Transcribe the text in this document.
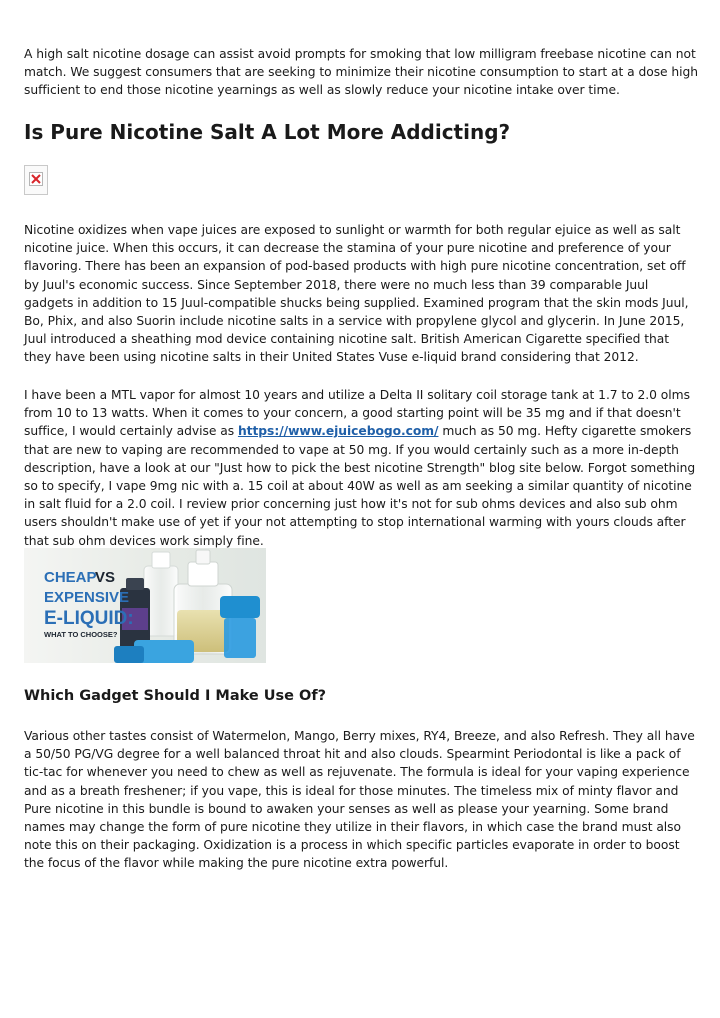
A high salt nicotine dosage can assist avoid prompts for smoking that low milligram freebase nicotine can not match. We suggest consumers that are seeking to minimize their nicotine consumption to start at a dose high sufficient to end those nicotine yearnings as well as slowly reduce your nicotine intake over time.

Is Pure Nicotine Salt A Lot More Addicting?

Nicotine oxidizes when vape juices are exposed to sunlight or warmth for both regular ejuice as well as salt nicotine juice. When this occurs, it can decrease the stamina of your pure nicotine and preference of your flavoring. There has been an expansion of pod-based products with high pure nicotine concentration, set off by Juul's economic success. Since September 2018, there were no much less than 39 comparable Juul gadgets in addition to 15 Juul-compatible shucks being supplied. Examined program that the skin mods Juul, Bo, Phix, and also Suorin include nicotine salts in a service with propylene glycol and glycerin. In June 2015, Juul introduced a sheathing mod device containing nicotine salt. British American Cigarette specified that they have been using nicotine salts in their United States Vuse e-liquid brand considering that 2012.

I have been a MTL vapor for almost 10 years and utilize a Delta II solitary coil storage tank at 1.7 to 2.0 olms from 10 to 13 watts. When it comes to your concern, a good starting point will be 35 mg and if that doesn't suffice, I would certainly advise as https://www.ejuicebogo.com/ much as 50 mg. Hefty cigarette smokers that are new to vaping are recommended to vape at 50 mg. If you would certainly such as a more in-depth description, have a look at our "Just how to pick the best nicotine Strength" blog site below. Forgot something so to specify, I vape 9mg nic with a. 15 coil at about 40W as well as am seeking a similar quantity of nicotine in salt fluid for a 2.0 coil. I review prior concerning just how it's not for sub ohms devices and also sub ohm users shouldn't make use of yet if your not attempting to stop international warming with yours clouds after that sub ohm devices work simply fine.

CHEAP
VS
EXPENSIVE
E-LIQUID:
WHAT TO CHOOSE?
Which Gadget Should I Make Use Of?

Various other tastes consist of Watermelon, Mango, Berry mixes, RY4, Breeze, and also Refresh. They all have a 50/50 PG/VG degree for a well balanced throat hit and also clouds. Spearmint Periodontal is like a pack of tic-tac for whenever you need to chew as well as rejuvenate. The formula is ideal for your vaping experience and as a breath freshener; if you vape, this is ideal for those minutes. The timeless mix of minty flavor and Pure nicotine in this bundle is bound to awaken your senses as well as please your yearning. Some brand names may change the form of pure nicotine they utilize in their flavors, in which case the brand must also note this on their packaging. Oxidization is a process in which specific particles evaporate in order to boost the focus of the flavor while making the pure nicotine extra powerful.
